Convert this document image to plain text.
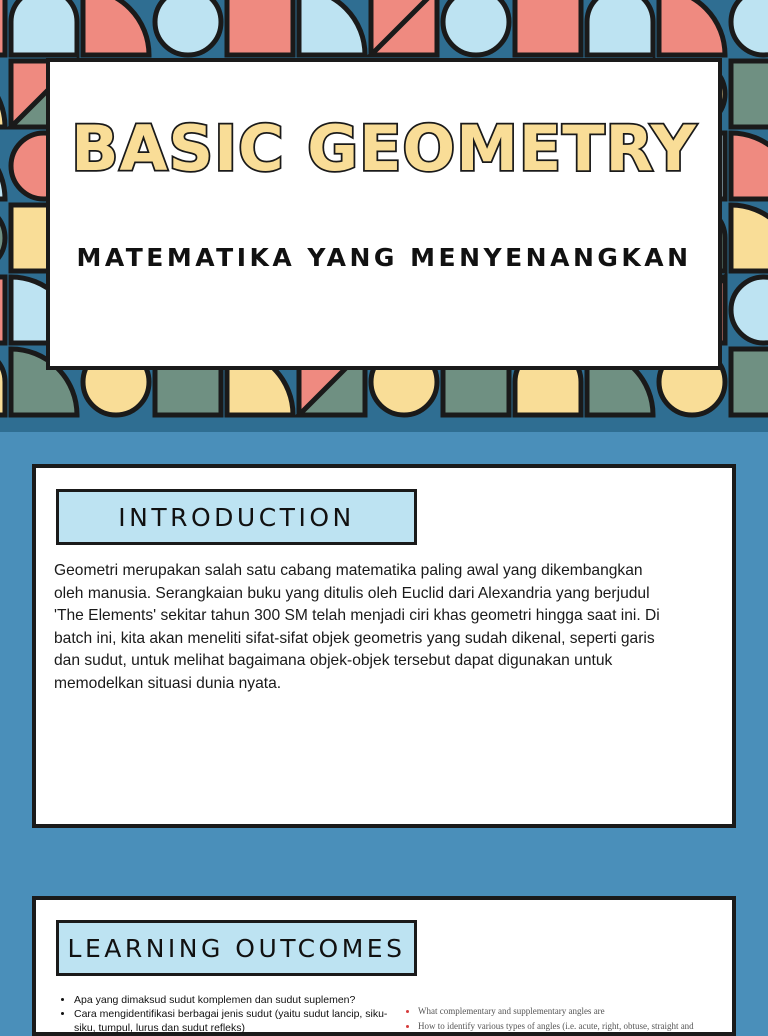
BASIC GEOMETRY
MATEMATIKA YANG MENYENANGKAN
INTRODUCTION
Geometri merupakan salah satu cabang matematika paling awal yang dikembangkan
oleh manusia. Serangkaian buku yang ditulis oleh Euclid dari Alexandria yang berjudul
'The Elements' sekitar tahun 300 SM telah menjadi ciri khas geometri hingga saat ini. Di
batch ini, kita akan meneliti sifat-sifat objek geometris yang sudah dikenal, seperti garis
dan sudut, untuk melihat bagaimana objek-objek tersebut dapat digunakan untuk
memodelkan situasi dunia nyata.
LEARNING OUTCOMES
• Apa yang dimaksud sudut komplemen dan sudut suplemen?
• Cara mengidentifikasi berbagai jenis sudut (yaitu sudut lancip, siku-siku, tumpul, lurus dan sudut refleks)
• What complementary and supplementary angles are
• How to identify various types of angles (i.e. acute, right, obtuse, straight and
